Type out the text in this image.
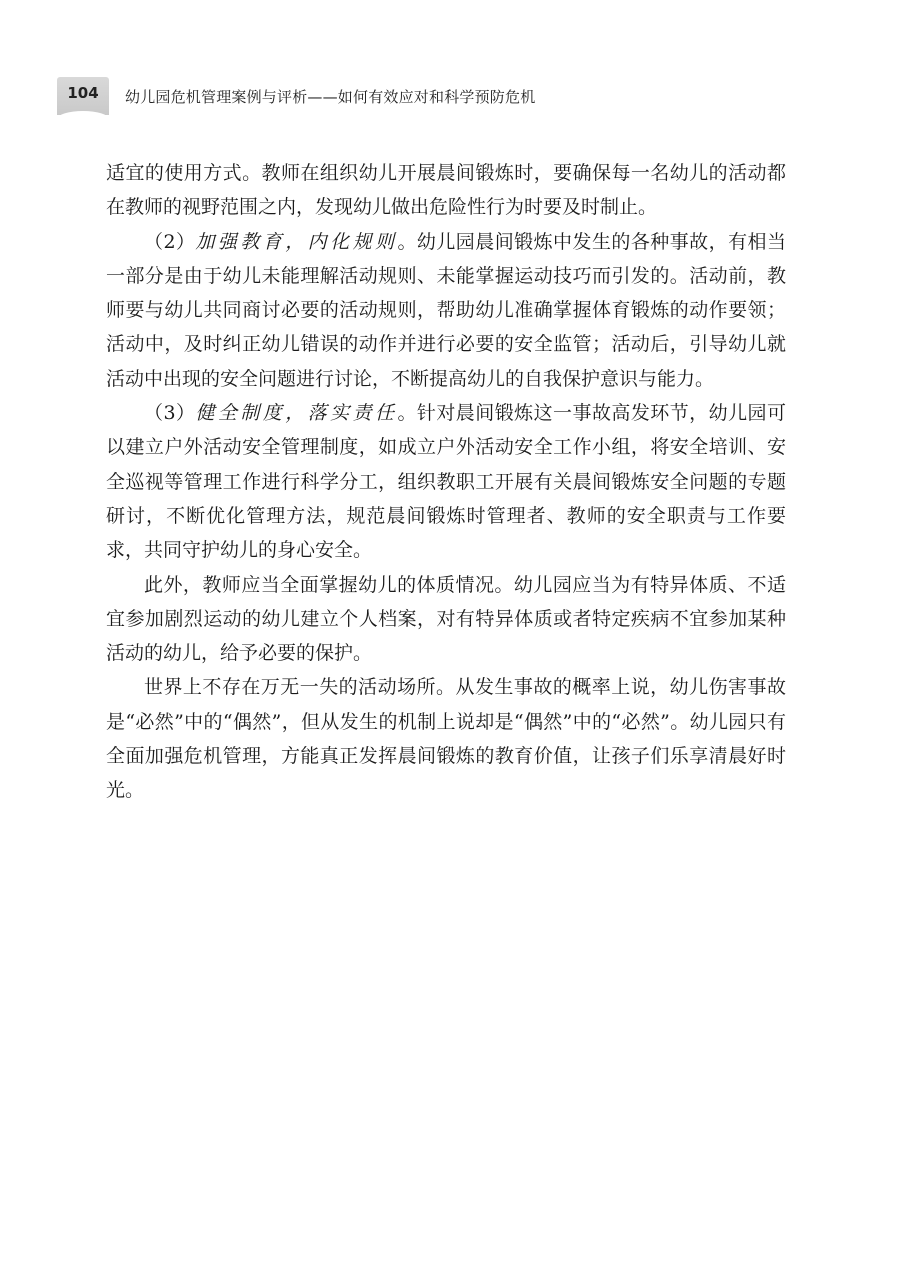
104	幼儿园危机管理案例与评析——如何有效应对和科学预防危机

适宜的使用方式。教师在组织幼儿开展晨间锻炼时，要确保每一名幼儿的活动都在教师的视野范围之内，发现幼儿做出危险性行为时要及时制止。

（2）加强教育，内化规则。幼儿园晨间锻炼中发生的各种事故，有相当一部分是由于幼儿未能理解活动规则、未能掌握运动技巧而引发的。活动前，教师要与幼儿共同商讨必要的活动规则，帮助幼儿准确掌握体育锻炼的动作要领；活动中，及时纠正幼儿错误的动作并进行必要的安全监管；活动后，引导幼儿就活动中出现的安全问题进行讨论，不断提高幼儿的自我保护意识与能力。

（3）健全制度，落实责任。针对晨间锻炼这一事故高发环节，幼儿园可以建立户外活动安全管理制度，如成立户外活动安全工作小组，将安全培训、安全巡视等管理工作进行科学分工，组织教职工开展有关晨间锻炼安全问题的专题研讨，不断优化管理方法，规范晨间锻炼时管理者、教师的安全职责与工作要求，共同守护幼儿的身心安全。

此外，教师应当全面掌握幼儿的体质情况。幼儿园应当为有特异体质、不适宜参加剧烈运动的幼儿建立个人档案，对有特异体质或者特定疾病不宜参加某种活动的幼儿，给予必要的保护。

世界上不存在万无一失的活动场所。从发生事故的概率上说，幼儿伤害事故是“必然”中的“偶然”，但从发生的机制上说却是“偶然”中的“必然”。幼儿园只有全面加强危机管理，方能真正发挥晨间锻炼的教育价值，让孩子们乐享清晨好时光。
